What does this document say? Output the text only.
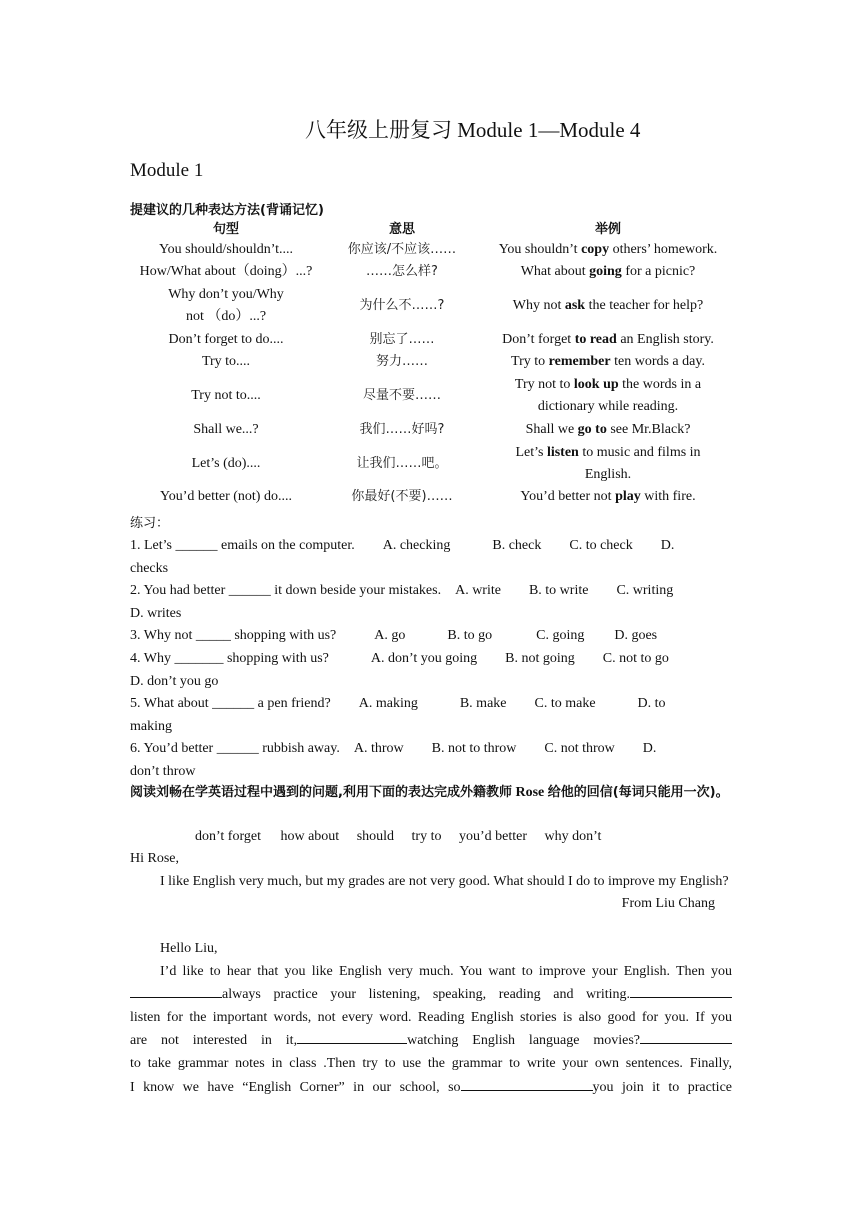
八年级上册复习 Module 1—Module 4
Module 1
提建议的几种表达方法(背诵记忆)
句型	意思	举例
You should/shouldn’t....	你应该/不应该……	You shouldn’t copy others’ homework.
How/What about（doing）...?	……怎么样?	What about going for a picnic?
Why don’t you/Why not （do）...?	为什么不……?	Why not ask the teacher for help?
Don’t forget to do....	别忘了……	Don’t forget to read an English story.
Try to....	努力……	Try to remember ten words a day.
Try not to....	尽量不要……	Try not to look up the words in a dictionary while reading.
Shall we...?	我们……好吗?	Shall we go to see Mr.Black?
Let’s (do)....	让我们……吧。	Let’s listen to music and films in English.
You’d better (not) do....	你最好(不要)……	You’d better not play with fire.
练习：
1. Let’s ______ emails on the computer.　　A. checking　　　B. check　　C. to check　　D.
checks
2. You had better ______ it down beside your mistakes.　A. write　　B. to write　　C. writing
D. writes
3. Why not _____ shopping with us?	A. go	B. to go	C. going D. goes
4. Why _______ shopping with us?　　　A. don’t you going　　B. not going　　C. not to go
D. don’t you go
5. What about ______ a pen friend?　　A. making　　　B. make　　C. to make　　　D. to
making
6. You’d better ______ rubbish away.　A. throw　　B. not to throw　　C. not throw　　D.
don’t throw
阅读刘畅在学英语过程中遇到的问题,利用下面的表达完成外籍教师 Rose 给他的回信(每词只能用一次)。
don’t forget how about should try to you’d better why don’t
Hi Rose,
I like English very much, but my grades are not very good. What should I do to improve my English?
From Liu Chang
Hello Liu,
I’d like to hear that you like English very much. You want to improve your English. Then you
always practice your listening, speaking, reading and writing.
listen for the important words, not every word. Reading English stories is also good for you. If you
are not interested in it,	watching English language movies?
to take grammar notes in class .Then try to use the grammar to write your own sentences. Finally,
I know we have “English Corner” in our school, so	you join it to practice
